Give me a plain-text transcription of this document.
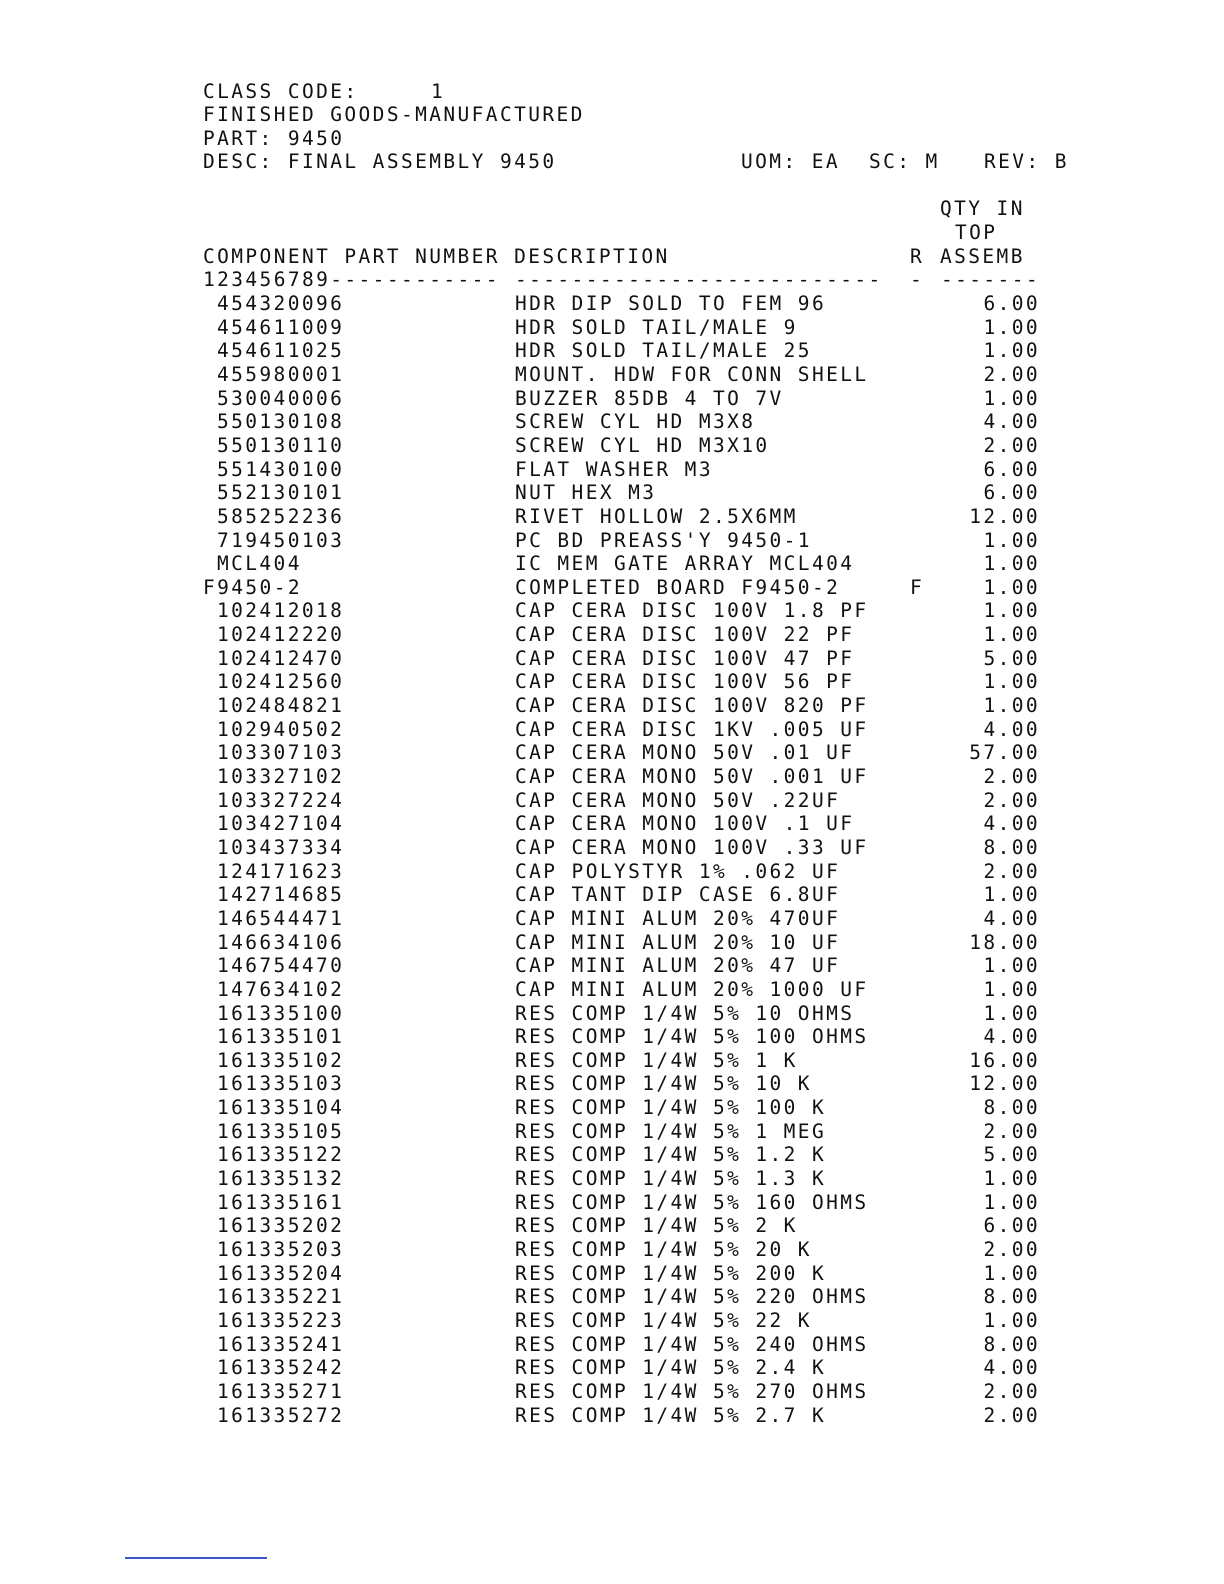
CLASS CODE:	1
FINISHED GOODS-MANUFACTURED
PART: 9450
DESC: FINAL ASSEMBLY 9450	UOM: EA SC: M REV: B
QTY IN
TOP
COMPONENT PART NUMBER DESCRIPTION	R ASSEMB
123456789------------ -------------------------- - -------
454320096	HDR DIP SOLD TO FEM 96	6.00
454611009	HDR SOLD TAIL/MALE 9	1.00
454611025	HDR SOLD TAIL/MALE 25	1.00
455980001	MOUNT. HDW FOR CONN SHELL	2.00
530040006	BUZZER 85DB 4 TO 7V	1.00
550130108	SCREW CYL HD M3X8	4.00
550130110	SCREW CYL HD M3X10	2.00
551430100	FLAT WASHER M3	6.00
552130101	NUT HEX M3	6.00
585252236	RIVET HOLLOW 2.5X6MM	12.00
719450103	PC BD PREASS'Y 9450-1	1.00
MCL404	IC MEM GATE ARRAY MCL404	1.00
F9450-2	COMPLETED BOARD F9450-2	F	1.00
102412018	CAP CERA DISC 100V 1.8 PF	1.00
102412220	CAP CERA DISC 100V 22 PF	1.00
102412470	CAP CERA DISC 100V 47 PF	5.00
102412560	CAP CERA DISC 100V 56 PF	1.00
102484821	CAP CERA DISC 100V 820 PF	1.00
102940502	CAP CERA DISC 1KV .005 UF	4.00
103307103	CAP CERA MONO 50V .01 UF	57.00
103327102	CAP CERA MONO 50V .001 UF	2.00
103327224	CAP CERA MONO 50V .22UF	2.00
103427104	CAP CERA MONO 100V .1 UF	4.00
103437334	CAP CERA MONO 100V .33 UF	8.00
124171623	CAP POLYSTYR 1% .062 UF	2.00
142714685	CAP TANT DIP CASE 6.8UF	1.00
146544471	CAP MINI ALUM 20% 470UF	4.00
146634106	CAP MINI ALUM 20% 10 UF	18.00
146754470	CAP MINI ALUM 20% 47 UF	1.00
147634102	CAP MINI ALUM 20% 1000 UF	1.00
161335100	RES COMP 1/4W 5% 10 OHMS	1.00
161335101	RES COMP 1/4W 5% 100 OHMS	4.00
161335102	RES COMP 1/4W 5% 1 K	16.00
161335103	RES COMP 1/4W 5% 10 K	12.00
161335104	RES COMP 1/4W 5% 100 K	8.00
161335105	RES COMP 1/4W 5% 1 MEG	2.00
161335122	RES COMP 1/4W 5% 1.2 K	5.00
161335132	RES COMP 1/4W 5% 1.3 K	1.00
161335161	RES COMP 1/4W 5% 160 OHMS	1.00
161335202	RES COMP 1/4W 5% 2 K	6.00
161335203	RES COMP 1/4W 5% 20 K	2.00
161335204	RES COMP 1/4W 5% 200 K	1.00
161335221	RES COMP 1/4W 5% 220 OHMS	8.00
161335223	RES COMP 1/4W 5% 22 K	1.00
161335241	RES COMP 1/4W 5% 240 OHMS	8.00
161335242	RES COMP 1/4W 5% 2.4 K	4.00
161335271	RES COMP 1/4W 5% 270 OHMS	2.00
161335272	RES COMP 1/4W 5% 2.7 K	2.00
